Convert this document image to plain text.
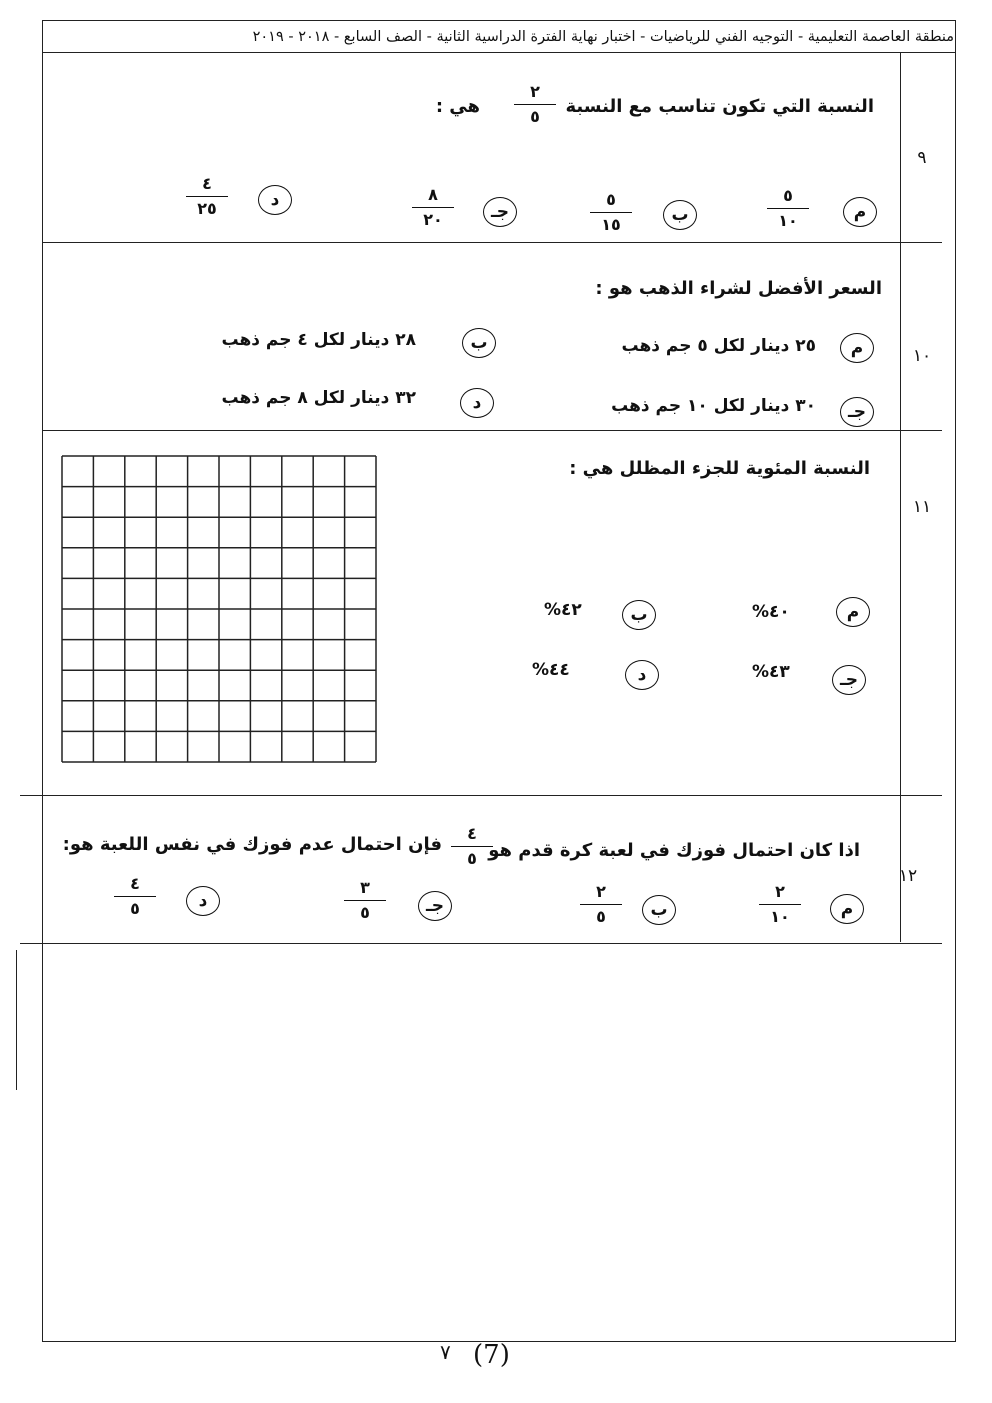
منطقة العاصمة التعليمية - التوجيه الفني للرياضيات - اختبار نهاية الفترة الدراسية الثانية - الصف السابع - ٢٠١٨ - ٢٠١٩
٩
النسبة التي تكون تناسب مع النسبة
٢
٥
هي :
م
٥
١٠
ب
٥
١٥
جـ
٨
٢٠
د
٤
٢٥
١٠
السعر الأفضل لشراء الذهب هو :
م
٢٥ دينار لكل ٥ جم ذهب
ب
٢٨ دينار لكل ٤ جم ذهب
جـ
٣٠ دينار لكل ١٠ جم ذهب
د
٣٢ دينار لكل ٨ جم ذهب
١١
النسبة المئوية للجزء المظلل هي :
م
٤٠%
ب
٤٢%
جـ
٤٣%
د
٤٤%
١٢
اذا كان احتمال فوزك في لعبة كرة قدم هو
٤
٥
فإن احتمال عدم فوزك في نفس اللعبة هو:
م
٢
١٠
ب
٢
٥
جـ
٣
٥
د
٤
٥
$^٧$ (7)
